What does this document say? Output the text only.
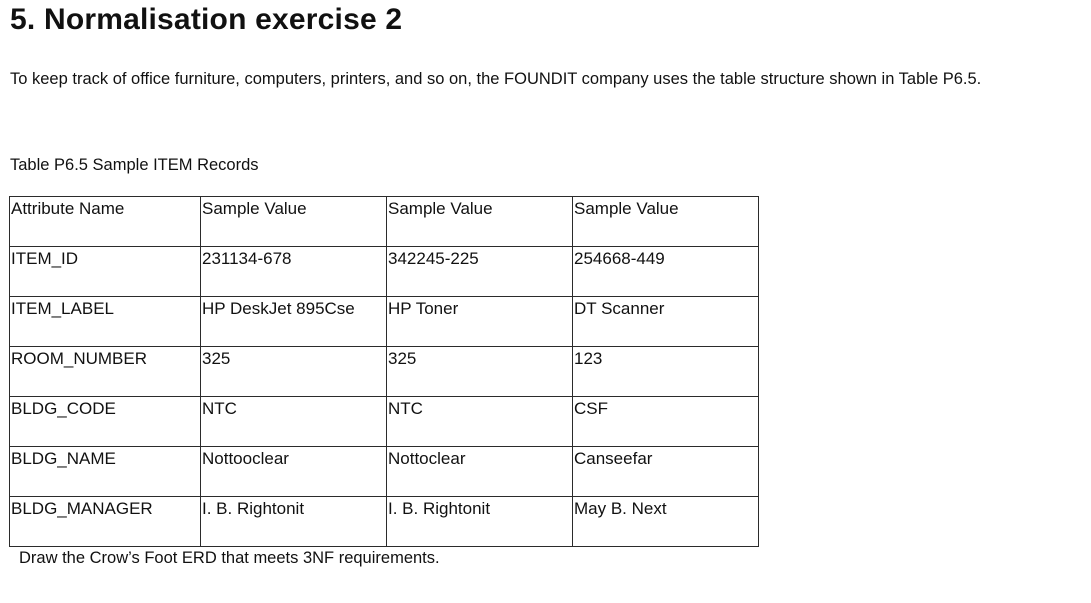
5. Normalisation exercise 2

To keep track of office furniture, computers, printers, and so on, the FOUNDIT company uses the table structure shown in Table P6.5.

Table P6.5 Sample ITEM Records

Attribute Name	Sample Value	Sample Value	Sample Value
ITEM_ID	231134-678	342245-225	254668-449
ITEM_LABEL	HP DeskJet 895Cse	HP Toner	DT Scanner
ROOM_NUMBER	325	325	123
BLDG_CODE	NTC	NTC	CSF
BLDG_NAME	Nottooclear	Nottoclear	Canseefar
BLDG_MANAGER	I. B. Rightonit	I. B. Rightonit	May B. Next

Draw the Crow’s Foot ERD that meets 3NF requirements.
